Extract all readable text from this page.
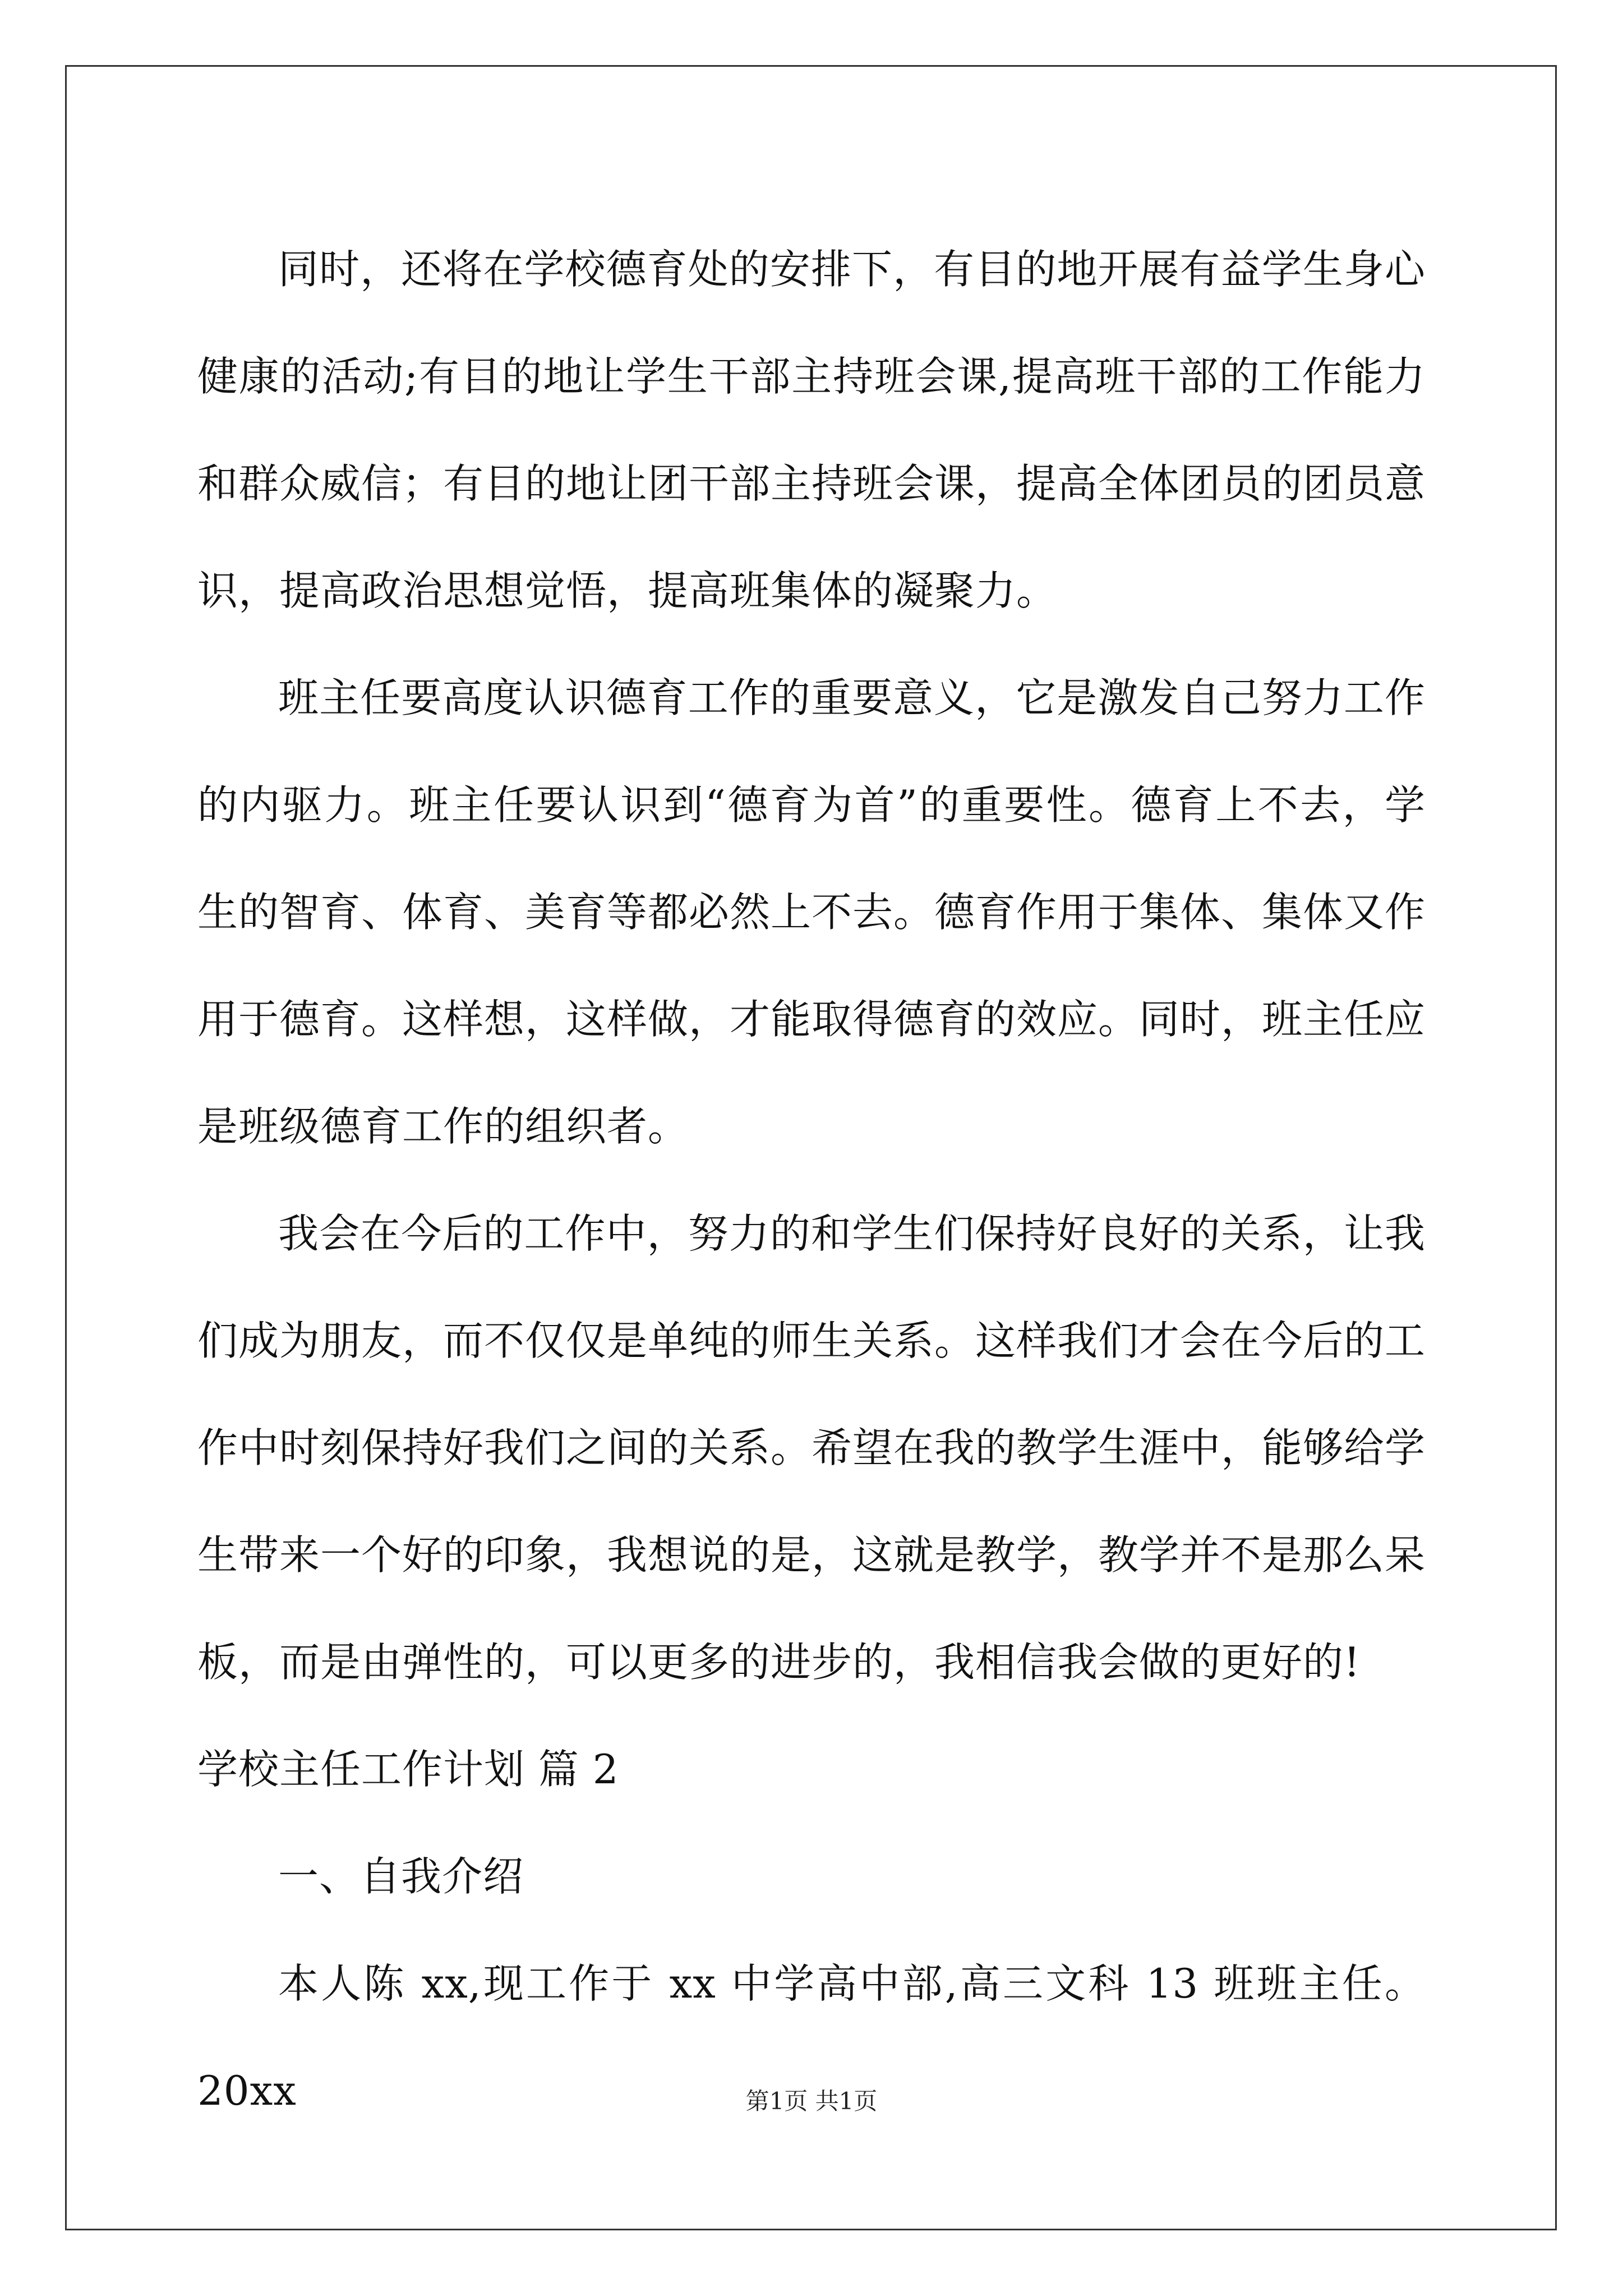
同时，还将在学校德育处的安排下，有目的地开展有益学生身心健康的活动;有目的地让学生干部主持班会课,提高班干部的工作能力和群众威信；有目的地让团干部主持班会课，提高全体团员的团员意识，提高政治思想觉悟，提高班集体的凝聚力。

班主任要高度认识德育工作的重要意义，它是激发自己努力工作的内驱力。班主任要认识到“德育为首”的重要性。德育上不去，学生的智育、体育、美育等都必然上不去。德育作用于集体、集体又作用于德育。这样想，这样做，才能取得德育的效应。同时，班主任应是班级德育工作的组织者。

我会在今后的工作中，努力的和学生们保持好良好的关系，让我们成为朋友，而不仅仅是单纯的师生关系。这样我们才会在今后的工作中时刻保持好我们之间的关系。希望在我的教学生涯中，能够给学生带来一个好的印象，我想说的是，这就是教学，教学并不是那么呆板，而是由弹性的，可以更多的进步的，我相信我会做的更好的!

学校主任工作计划 篇 2

一、自我介绍

本人陈 xx,现工作于 xx 中学高中部,高三文科 13 班班主任。20xx	第1页 共1页
